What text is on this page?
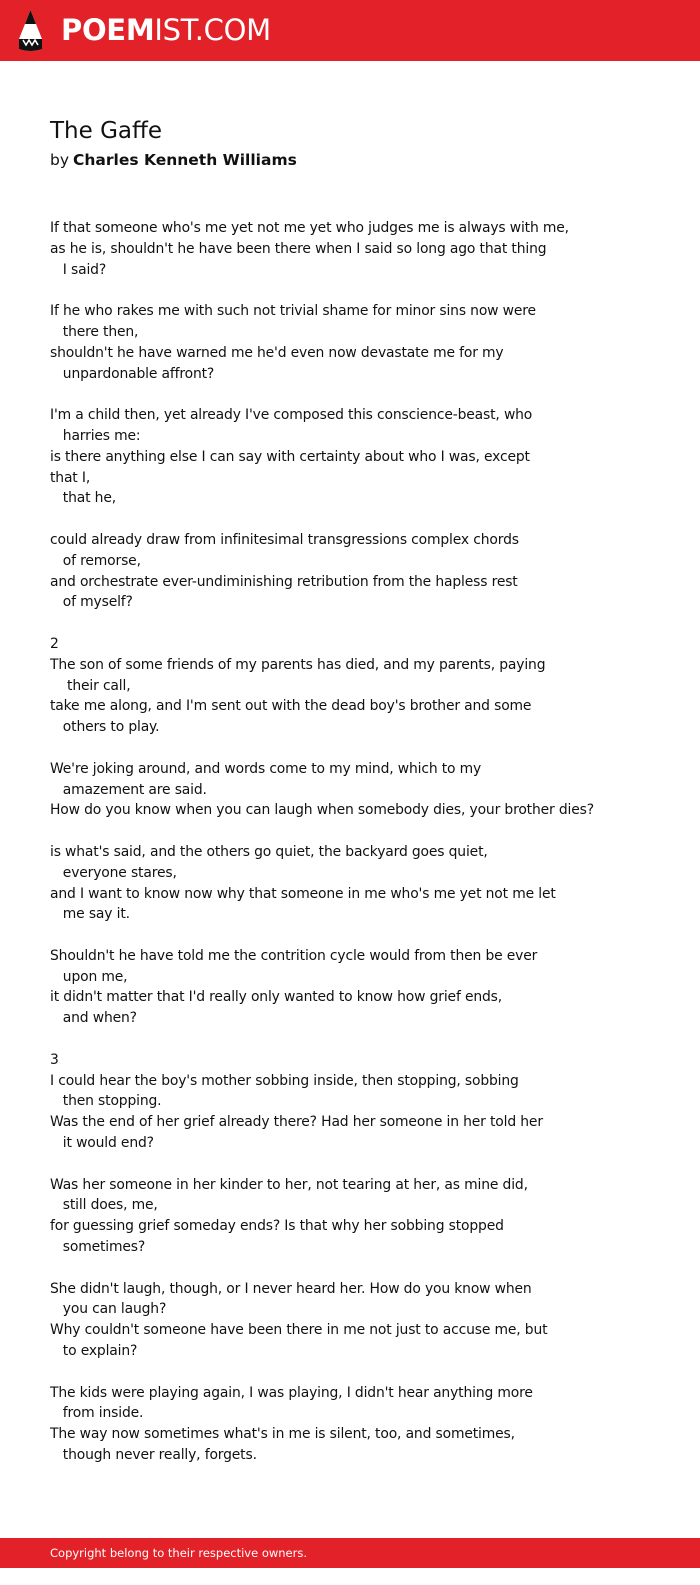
POEMIST.COM
The Gaffe
by Charles Kenneth Williams
If that someone who's me yet not me yet who judges me is always with me,
as he is, shouldn't he have been there when I said so long ago that thing
I said?
If he who rakes me with such not trivial shame for minor sins now were
there then,
shouldn't he have warned me he'd even now devastate me for my
unpardonable affront?
I'm a child then, yet already I've composed this conscience-beast, who
harries me:
is there anything else I can say with certainty about who I was, except
that I,
that he,
could already draw from infinitesimal transgressions complex chords
of remorse,
and orchestrate ever-undiminishing retribution from the hapless rest
of myself?
2
The son of some friends of my parents has died, and my parents, paying
their call,
take me along, and I'm sent out with the dead boy's brother and some
others to play.
We're joking around, and words come to my mind, which to my
amazement are said.
How do you know when you can laugh when somebody dies, your brother dies?
is what's said, and the others go quiet, the backyard goes quiet,
everyone stares,
and I want to know now why that someone in me who's me yet not me let
me say it.
Shouldn't he have told me the contrition cycle would from then be ever
upon me,
it didn't matter that I'd really only wanted to know how grief ends,
and when?
3
I could hear the boy's mother sobbing inside, then stopping, sobbing
then stopping.
Was the end of her grief already there? Had her someone in her told her
it would end?
Was her someone in her kinder to her, not tearing at her, as mine did,
still does, me,
for guessing grief someday ends? Is that why her sobbing stopped
sometimes?
She didn't laugh, though, or I never heard her. How do you know when
you can laugh?
Why couldn't someone have been there in me not just to accuse me, but
to explain?
The kids were playing again, I was playing, I didn't hear anything more
from inside.
The way now sometimes what's in me is silent, too, and sometimes,
though never really, forgets.
Copyright belong to their respective owners.
